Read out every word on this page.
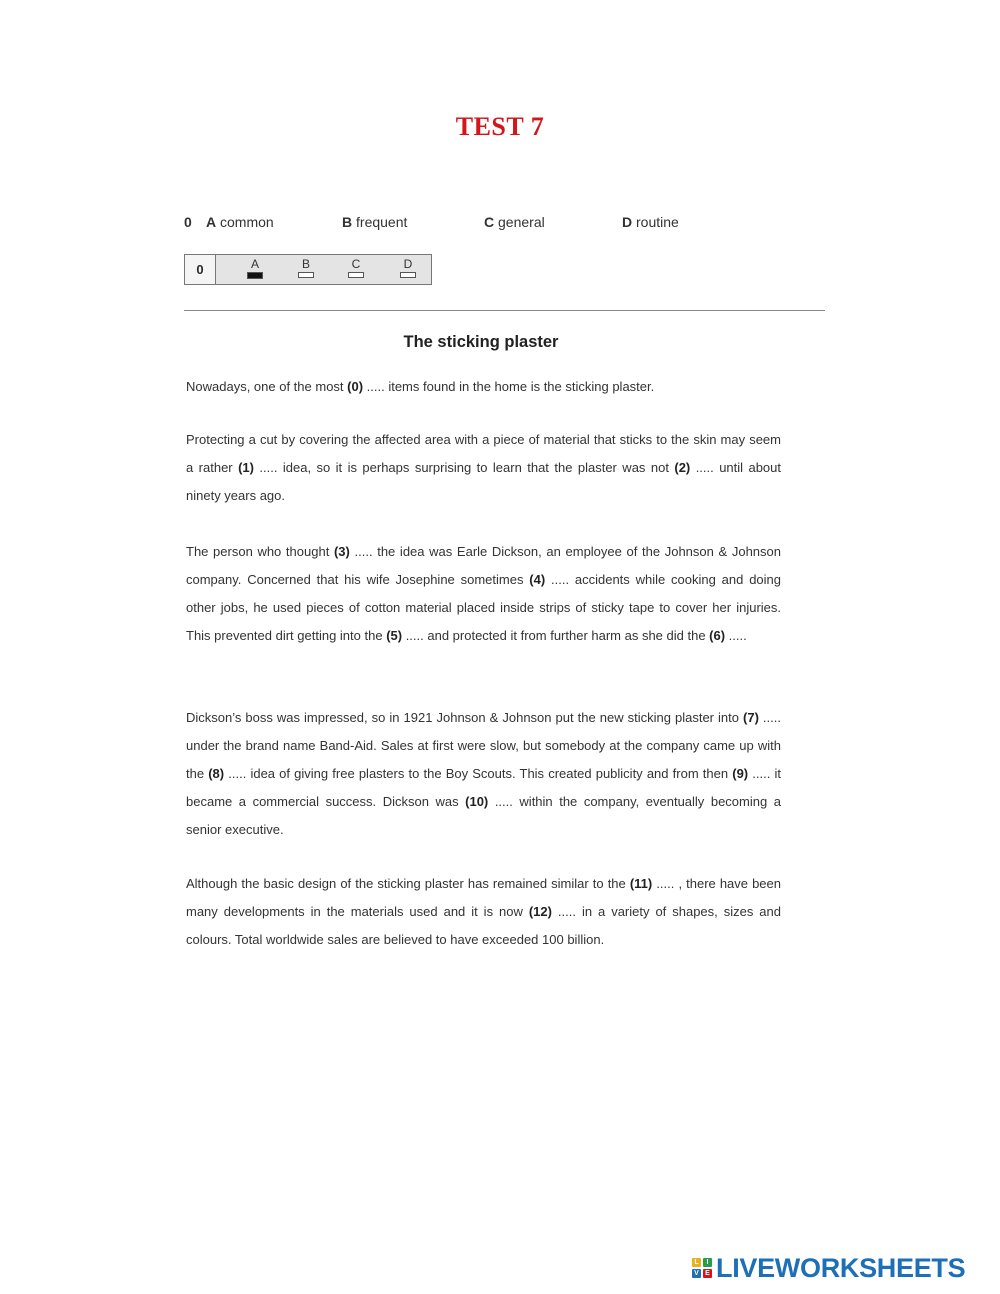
TEST 7
0 A common	B frequent	C general	D routine
0	A	B	C	D
The sticking plaster
Nowadays, one of the most (0) ..... items found in the home is the sticking plaster.
Protecting a cut by covering the affected area with a piece of material that sticks to the skin may seem a rather (1) ..... idea, so it is perhaps surprising to learn that the plaster was not (2) ..... until about ninety years ago.
The person who thought (3) ..... the idea was Earle Dickson, an employee of the Johnson & Johnson company. Concerned that his wife Josephine sometimes (4) ..... accidents while cooking and doing other jobs, he used pieces of cotton material placed inside strips of sticky tape to cover her injuries. This prevented dirt getting into the (5) ..... and protected it from further harm as she did the (6) .....
Dickson’s boss was impressed, so in 1921 Johnson & Johnson put the new sticking plaster into (7) ..... under the brand name Band-Aid. Sales at first were slow, but somebody at the company came up with the (8) ..... idea of giving free plasters to the Boy Scouts. This created publicity and from then (9) ..... it became a commercial success. Dickson was (10) ..... within the company, eventually becoming a senior executive.
Although the basic design of the sticking plaster has remained similar to the (11) ..... , there have been many developments in the materials used and it is now (12) ..... in a variety of shapes, sizes and colours. Total worldwide sales are believed to have exceeded 100 billion.
L	I
V E LIVEWORKSHEETS
